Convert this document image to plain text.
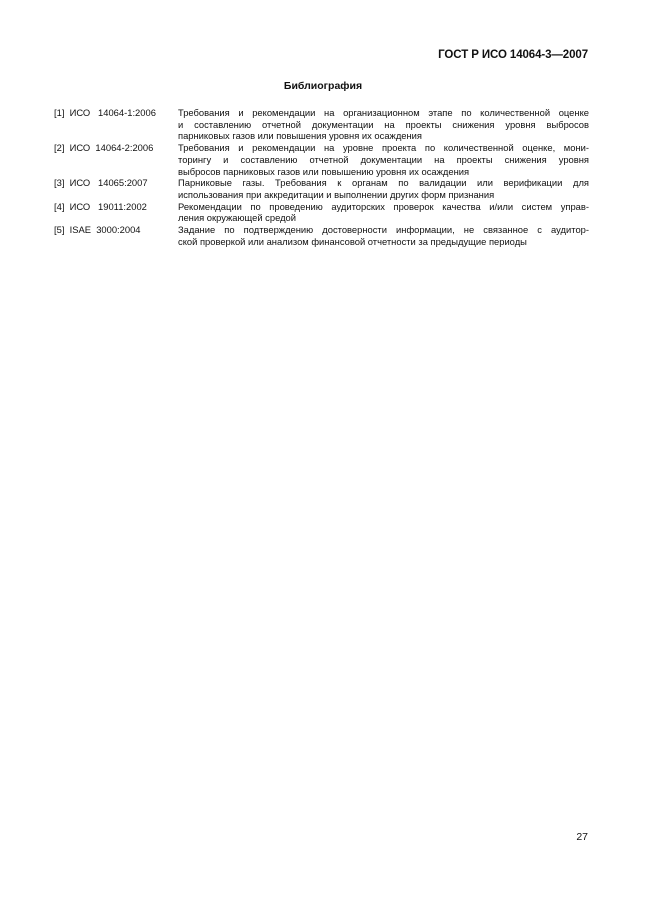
ГОСТ Р ИСО 14064-3—2007
Библиография
[1]  ИСО   14064-1:2006	Требования и рекомендации на организационном этапе по количественной оценке
и составлению отчетной документации на проекты снижения уровня выбросов
парниковых газов или повышения уровня их осаждения
[2]  ИСО  14064-2:2006	Требования и рекомендации на уровне проекта по количественной оценке, мони-
торингу и составлению отчетной документации на проекты снижения уровня
выбросов парниковых газов или повышению уровня их осаждения
[3]  ИСО   14065:2007	Парниковые газы. Требования к органам по валидации или верификации для
использования при аккредитации и выполнении других форм признания
[4]  ИСО   19011:2002	Рекомендации по проведению аудиторских проверок качества и/или систем управ-
ления окружающей средой
[5]  ISAE  3000:2004	Задание по подтверждению достоверности информации, не связанное с аудитор-
ской проверкой или анализом финансовой отчетности за предыдущие периоды
27
